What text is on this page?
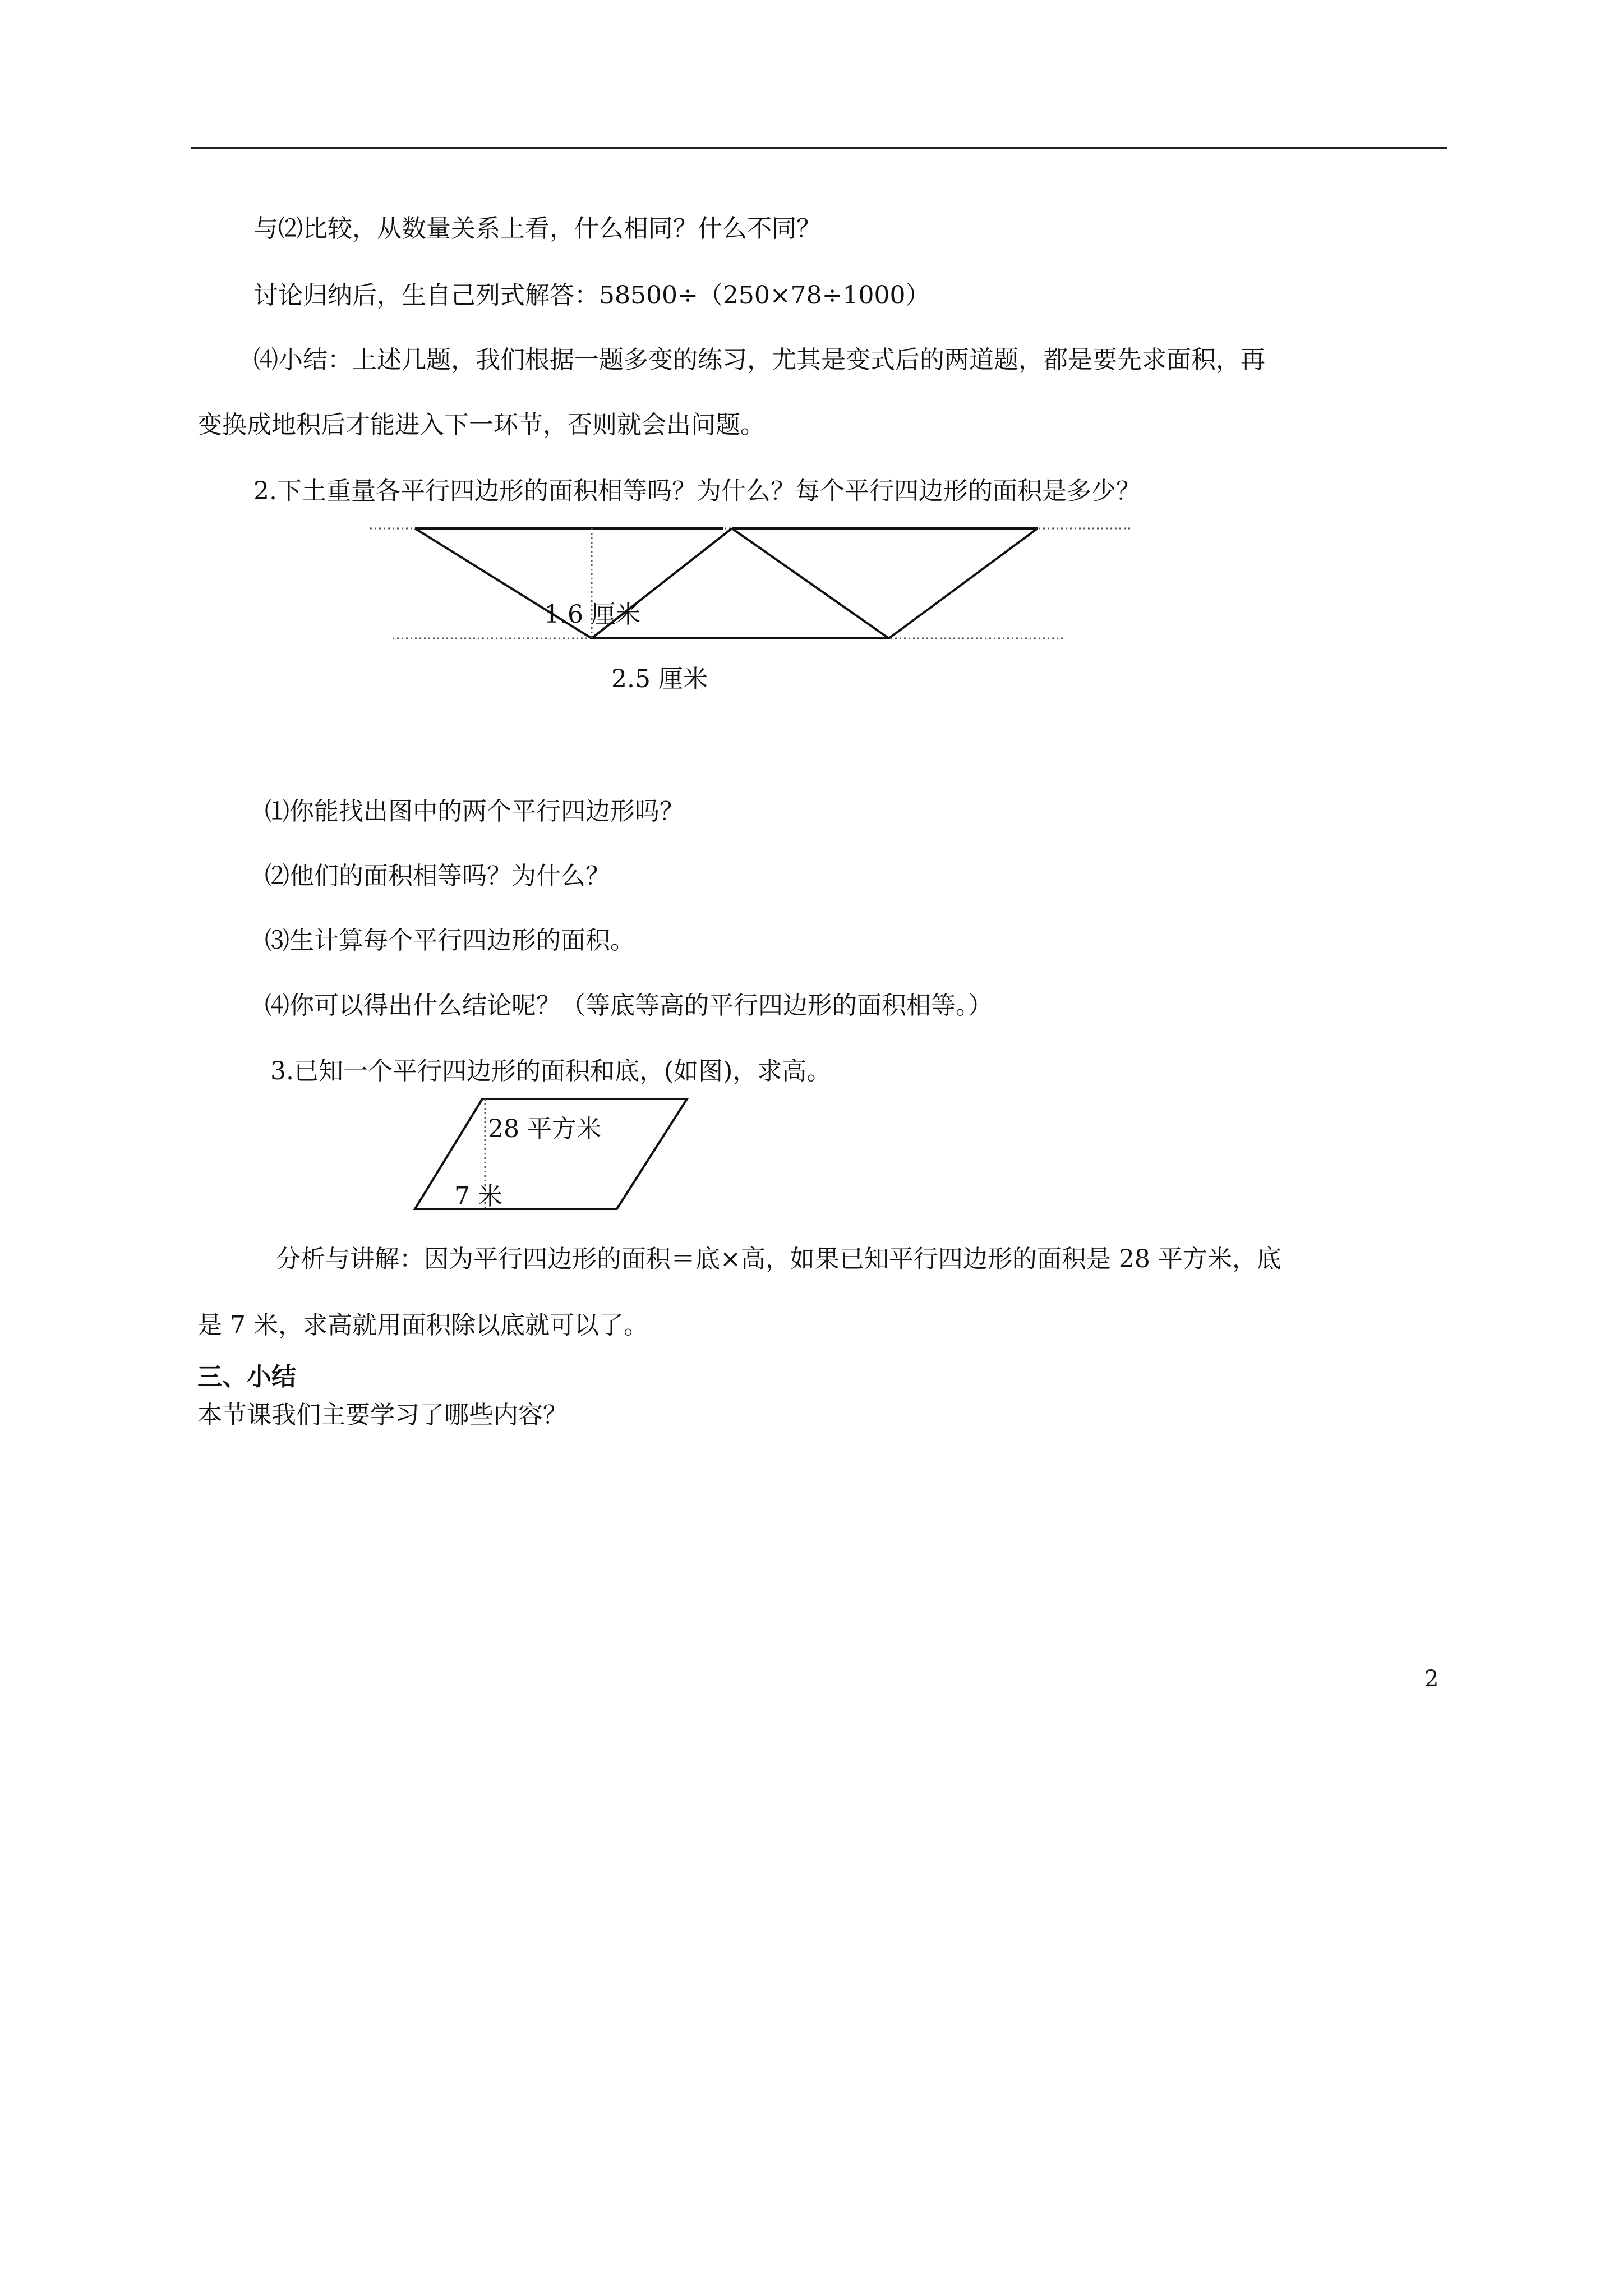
与⑵比较，从数量关系上看，什么相同？什么不同？
讨论归纳后，生自己列式解答：58500÷（250×78÷1000）
⑷小结：上述几题，我们根据一题多变的练习，尤其是变式后的两道题，都是要先求面积，再
变换成地积后才能进入下一环节，否则就会出问题。
2.下土重量各平行四边形的面积相等吗？为什么？每个平行四边形的面积是多少？
1.6 厘米
2.5 厘米
⑴你能找出图中的两个平行四边形吗？
⑵他们的面积相等吗？为什么？
⑶生计算每个平行四边形的面积。
⑷你可以得出什么结论呢？（等底等高的平行四边形的面积相等。）
3.已知一个平行四边形的面积和底，(如图)，求高。
28 平方米
7 米
分析与讲解：因为平行四边形的面积＝底×高，如果已知平行四边形的面积是 28 平方米，底
是 7 米，求高就用面积除以底就可以了。
三、小结
本节课我们主要学习了哪些内容？
2
